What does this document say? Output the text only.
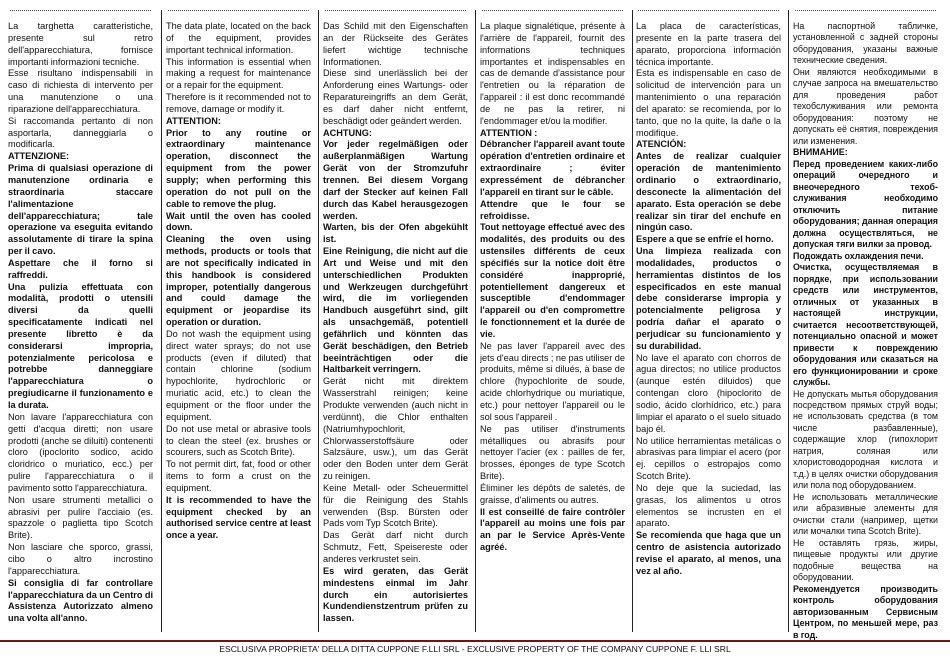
La targhetta caratteristiche, presente sul retro dell'apparecchiatura, fornisce importanti informazioni tecniche.

Esse risultano indispensabili in caso di richiesta di intervento per una manutenzione o una riparazione dell'apparecchiatura.

Si raccomanda pertanto di non asportarla, danneggiarla o modificarla.

ATTENZIONE:

Prima di qualsiasi operazione di manutenzione ordinaria e straordinaria staccare l'alimentazione dell'apparecchiatura; tale operazione va eseguita evitando assolutamente di tirare la spina per il cavo.

Aspettare che il forno si raffreddi.

Una pulizia effettuata con modalità, prodotti o utensili diversi da quelli specificatamente indicati nel presente libretto è da considerarsi impropria, potenzialmente pericolosa e potrebbe danneggiare l'apparecchiatura o pregiudicarne il funzionamento e la durata.

Non lavare l'apparecchiatura con getti d'acqua diretti; non usare prodotti (anche se diluiti) contenenti cloro (ipoclorito sodico, acido cloridrico o muriatico, ecc.) per pulire l'apparecchiatura o il pavimento sotto l'apparecchiatura.

Non usare strumenti metallici o abrasivi per pulire l'acciaio (es. spazzole o paglietta tipo Scotch Brite).

Non lasciare che sporco, grassi, cibo o altro incrostino l'apparecchiatura.

Si consiglia di far controllare l'apparecchiatura da un Centro di Assistenza Autorizzato almeno una volta all'anno.

The data plate, located on the back of the equipment, provides important technical information.

This information is essential when making a request for maintenance or a repair for the equipment.

Therefore is it recommended not to remove, damage or modify it.

ATTENTION:

Prior to any routine or extraordinary maintenance operation, disconnect the equipment from the power supply; when performing this operation do not pull on the cable to remove the plug.

Wait until the oven has cooled down.

Cleaning the oven using methods, products or tools that are not specifically indicated in this handbook is considered improper, potentially dangerous and could damage the equipment or jeopardise its operation or duration.

Do not wash the equipment using direct water sprays; do not use products (even if diluted) that contain chlorine (sodium hypochlorite, hydrochloric or muriatic acid, etc.) to clean the equipment or the floor under the equipment.

Do not use metal or abrasive tools to clean the steel (ex. brushes or scourers, such as Scotch Brite).

To not permit dirt, fat, food or other items to form a crust on the equipment.

It is recommended to have the equipment checked by an authorised service centre at least once a year.

Das Schild mit den Eigenschaften an der Rückseite des Gerätes liefert wichtige technische Informationen.

Diese sind unerlässlich bei der Anforderung eines Wartungs- oder Reparatureingriffs an dem Gerät, es darf daher nicht entfernt, beschädigt oder geändert werden.

ACHTUNG:

Vor jeder regelmäßigen oder außerplanmäßigen Wartung Gerät von der Stromzufuhr trennen. Bei diesem Vorgang darf der Stecker auf keinen Fall durch das Kabel herausgezogen werden.

Warten, bis der Ofen abgekühlt ist.

Eine Reinigung, die nicht auf die Art und Weise und mit den unterschiedlichen Produkten und Werkzeugen durchgeführt wird, die im vorliegenden Handbuch ausgeführt sind, gilt als unsachgemäß, potentiell gefährlich und könnten das Gerät beschädigen, den Betrieb beeinträchtigen oder die Haltbarkeit verringern.

Gerät nicht mit direktem Wasserstrahl reinigen; keine Produkte verwenden (auch nicht in verdünnt), die Chlor enthalten (Natriumhypochlorit, Chlorwasserstoffsäure oder Salzsäure, usw.), um das Gerät oder den Boden unter dem Gerät zu reinigen.

Keine Metall- oder Scheuermittel für die Reinigung des Stahls verwenden (Bsp. Bürsten oder Pads vom Typ Scotch Brite).

Das Gerät darf nicht durch Schmutz, Fett, Speisereste oder anderes verkrustet sein.

Es wird geraten, das Gerät mindestens einmal im Jahr durch ein autorisiertes Kundendienstzentrum prüfen zu lassen.

La plaque signalétique, présente à l'arrière de l'appareil, fournit des informations techniques importantes et indispensables en cas de demande d'assistance pour l'entretien ou la réparation de l'appareil : il est donc recommandé de ne pas la retirer, ni l'endommager et/ou la modifier.

ATTENTION :

Débrancher l'appareil avant toute opération d'entretien ordinaire et extraordinaire ; éviter expressément de débrancher l'appareil en tirant sur le câble.

Attendre que le four se refroidisse.

Tout nettoyage effectué avec des modalités, des produits ou des ustensiles différents de ceux spécifiés sur la notice doit être considéré inapproprié, potentiellement dangereux et susceptible d'endommager l'appareil ou d'en compromettre le fonctionnement et la durée de vie.

Ne pas laver l'appareil avec des jets d'eau directs ; ne pas utiliser de produits, même si dilués, à base de chlore (hypochlorite de soude, acide chlorhydrique ou muriatique, etc.) pour nettoyer l'appareil ou le sol sous l'appareil .

Ne pas utiliser d'instruments métalliques ou abrasifs pour nettoyer l'acier (ex : pailles de fer, brosses, éponges de type Scotch Brite).

Éliminer les dépôts de saletés, de graisse, d'aliments ou autres.

Il est conseillé de faire contrôler l'appareil au moins une fois par an par le Service Après-Vente agréé.

La placa de características, presente en la parte trasera del aparato, proporciona información técnica importante.

Esta es indispensable en caso de solicitud de intervención para un mantenimiento o una reparación del aparato: se recomienda, por lo tanto, que no la quite, la dañe o la modifique.

ATENCIÓN:

Antes de realizar cualquier operación de mantenimiento ordinario o extraordinario, desconecte la alimentación del aparato. Esta operación se debe realizar sin tirar del enchufe en ningún caso.

Espere a que se enfríe el horno.

Una limpieza realizada con modalidades, productos o herramientas distintos de los especificados en este manual debe considerarse impropia y potencialmente peligrosa y podría dañar el aparato o perjudicar su funcionamiento y su durabilidad.

No lave el aparato con chorros de agua directos; no utilice productos (aunque estén diluidos) que contengan cloro (hipoclorito de sodio, ácido clorhídrico, etc.) para limpiar el aparato o el suelo situado bajo él.

No utilice herramientas metálicas o abrasivas para limpiar el acero (por ej. cepillos o estropajos como Scotch Brite).

No deje que la suciedad, las grasas, los alimentos u otros elementos se incrusten en el aparato.

Se recomienda que haga que un centro de asistencia autorizado revise el aparato, al menos, una vez al año.

На паспортной табличке, установленной с задней стороны оборудования, указаны важные технические сведения.

Они являются необходимыми в случае запроса на вмешательство для проведения работ техобслуживания или ремонта оборудования: поэтому не допускать её снятия, повреждения или изменения.

ВНИМАНИЕ:

Перед проведением каких-либо операций очередного и внеочередного техоб-служивания необходимо отключить питание оборудования; данная операция должна осуществляться, не допуская тяги вилки за провод.

Подождать охлаждения печи.

Очистка, осуществляемая в порядке, при использовании средств или инструментов, отличных от указанных в настоящей инструкции, считается несоответствующей, потенциально опасной и может привести к повреждению оборудования или сказаться на его функционировании и сроке службы.

Не допускать мытья оборудования посредством прямых струй воды; не использовать средства (в том числе разбавленные), содержащие хлор (гипохлорит натрия, соляная или хлористоводородная кислота и т.д.) в целях очистки оборудования или пола под оборудованием.

Не использовать металлические или абразивные элементы для очистки стали (например, щетки или мочалки типа Scotch Brite).

Не оставлять грязь, жиры, пищевые продукты или другие подобные вещества на оборудовании.

Рекомендуется производить контроль оборудования авторизованным Сервисным Центром, по меньшей мере, раз в год.

ESCLUSIVA PROPRIETA' DELLA DITTA CUPPONE F.LLI SRL - EXCLUSIVE PROPERTY OF THE COMPANY CUPPONE F. LLI SRL
